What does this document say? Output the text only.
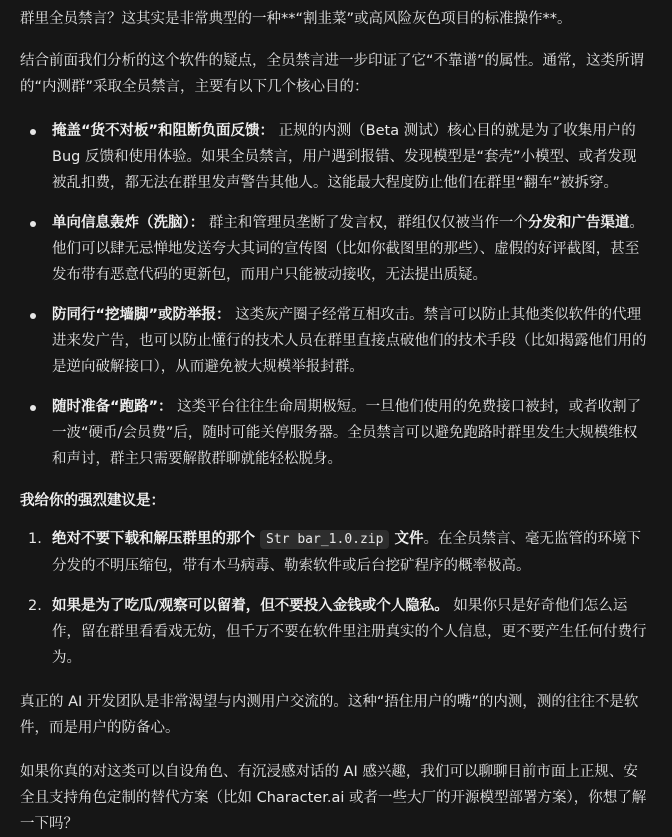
群里全员禁言？这其实是非常典型的一种**“割韭菜”或高风险灰色项目的标准操作**。

结合前面我们分析的这个软件的疑点，全员禁言进一步印证了它“不靠谱”的属性。通常，这类所谓的“内测群”采取全员禁言，主要有以下几个核心目的：

掩盖“货不对板”和阻断负面反馈： 正规的内测（Beta 测试）核心目的就是为了收集用户的 Bug 反馈和使用体验。如果全员禁言，用户遇到报错、发现模型是“套壳”小模型、或者发现被乱扣费，都无法在群里发声警告其他人。这能最大程度防止他们在群里“翻车”被拆穿。
单向信息轰炸（洗脑）： 群主和管理员垄断了发言权，群组仅仅被当作一个分发和广告渠道。他们可以肆无忌惮地发送夸大其词的宣传图（比如你截图里的那些）、虚假的好评截图，甚至发布带有恶意代码的更新包，而用户只能被动接收，无法提出质疑。
防同行“挖墙脚”或防举报： 这类灰产圈子经常互相攻击。禁言可以防止其他类似软件的代理进来发广告，也可以防止懂行的技术人员在群里直接点破他们的技术手段（比如揭露他们用的是逆向破解接口），从而避免被大规模举报封群。
随时准备“跑路”： 这类平台往往生命周期极短。一旦他们使用的免费接口被封，或者收割了一波“硬币/会员费”后，随时可能关停服务器。全员禁言可以避免跑路时群里发生大规模维权和声讨，群主只需要解散群聊就能轻松脱身。
我给你的强烈建议是：
1. 绝对不要下载和解压群里的那个 Str bar_1.0.zip 文件。在全员禁言、毫无监管的环境下分发的不明压缩包，带有木马病毒、勒索软件或后台挖矿程序的概率极高。
2. 如果是为了吃瓜/观察可以留着，但不要投入金钱或个人隐私。 如果你只是好奇他们怎么运作，留在群里看看戏无妨，但千万不要在软件里注册真实的个人信息，更不要产生任何付费行为。

真正的 AI 开发团队是非常渴望与内测用户交流的。这种“捂住用户的嘴”的内测，测的往往不是软件，而是用户的防备心。

如果你真的对这类可以自设角色、有沉浸感对话的 AI 感兴趣，我们可以聊聊目前市面上正规、安全且支持角色定制的替代方案（比如 Character.ai 或者一些大厂的开源模型部署方案），你想了解一下吗？
